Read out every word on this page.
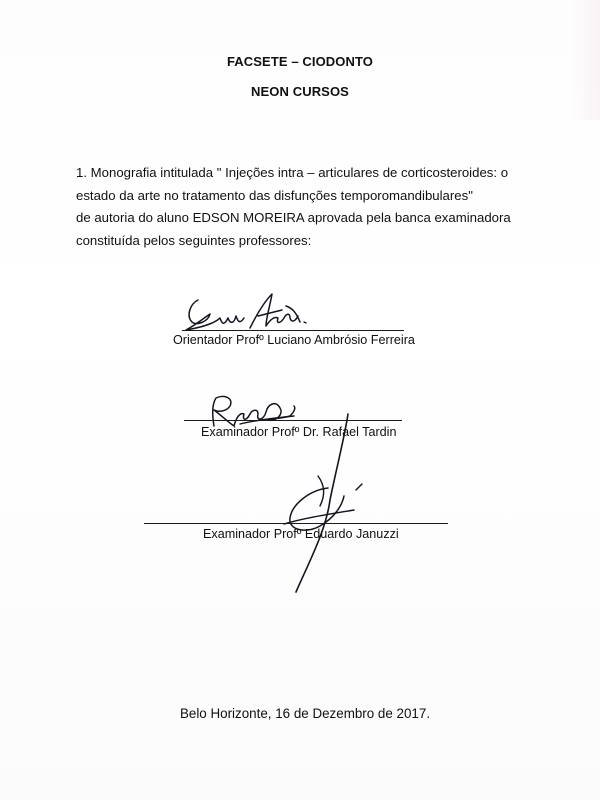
FACSETE – CIODONTO
NEON CURSOS
1. Monografia intitulada " Injeções intra – articulares de corticosteroides: o
estado da arte no tratamento das disfunções temporomandibulares"
de autoria do aluno EDSON MOREIRA aprovada pela banca examinadora
constituída pelos seguintes professores:
Orientador Profº Luciano Ambrósio Ferreira
Examinador Profº Dr. Rafael Tardin
Examinador Profº Eduardo Januzzi
Belo Horizonte, 16 de Dezembro de 2017.
